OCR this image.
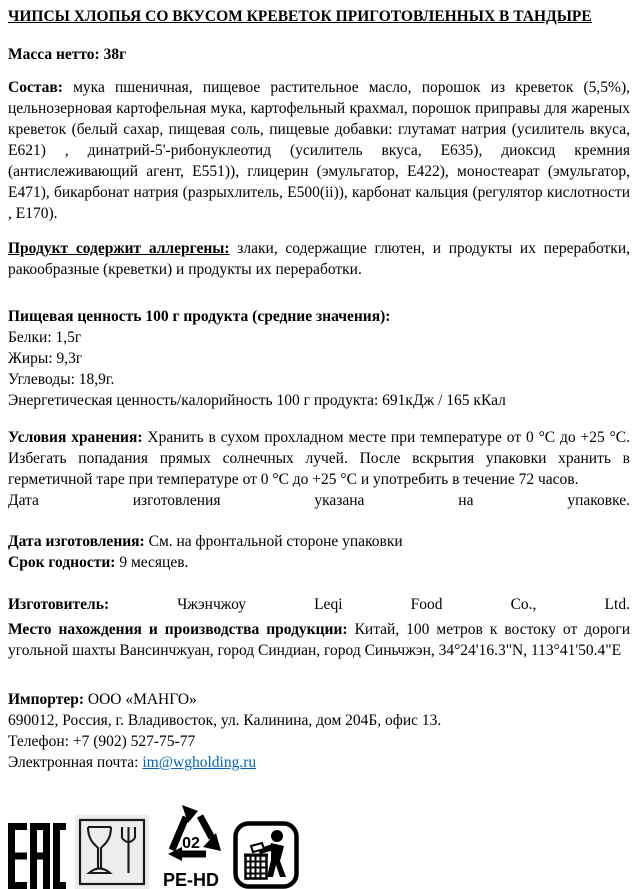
ЧИПСЫ ХЛОПЬЯ СО ВКУСОМ КРЕВЕТОК ПРИГОТОВЛЕННЫХ В ТАНДЫРЕ

Масса нетто: 38г

Состав: мука пшеничная, пищевое растительное масло, порошок из креветок (5,5%), цельнозерновая картофельная мука, картофельный крахмал, порошок приправы для жареных креветок (белый сахар, пищевая соль, пищевые добавки: глутамат натрия (усилитель вкуса, Е621) , динатрий-5'-рибонуклеотид (усилитель вкуса, Е635), диоксид кремния (антислеживающий агент, Е551)), глицерин (эмульгатор, Е422), моностеарат (эмульгатор, Е471), бикарбонат натрия (разрыхлитель, Е500(ii)), карбонат кальция (регулятор кислотности , Е170).

Продукт содержит аллергены: злаки, содержащие глютен, и продукты их переработки, ракообразные (креветки) и продукты их переработки.

Пищевая ценность 100 г продукта (средние значения):

Белки: 1,5г

Жиры: 9,3г

Углеводы: 18,9г.

Энергетическая ценность/калорийность 100 г продукта: 691кДж / 165 кКал

Условия хранения: Хранить в сухом прохладном месте при температуре от 0 °С до +25 °С. Избегать попадания прямых солнечных лучей. После вскрытия упаковки хранить в герметичной таре при температуре от 0 °С до +25 °С и употребить в течение 72 часов.

Дата	изготовления	указана	на	упаковке.

Дата изготовления: См. на фронтальной стороне упаковки

Срок годности: 9 месяцев.

Изготовитель:	Чжэнчжоу	Leqi	Food	Co.,	Ltd.

Место нахождения и производства продукции: Китай, 100 метров к востоку от дороги угольной шахты Вансинчжуан, город Синдиан, город Синьчжэн, 34°24'16.3"N, 113°41'50.4"E

Импортер: ООО «МАНГО»

690012, Россия, г. Владивосток, ул. Калинина, дом 204Б, офис 13.

Телефон: +7 (902) 527-75-77

Электронная почта: im@wgholding.ru

02
PE-HD
